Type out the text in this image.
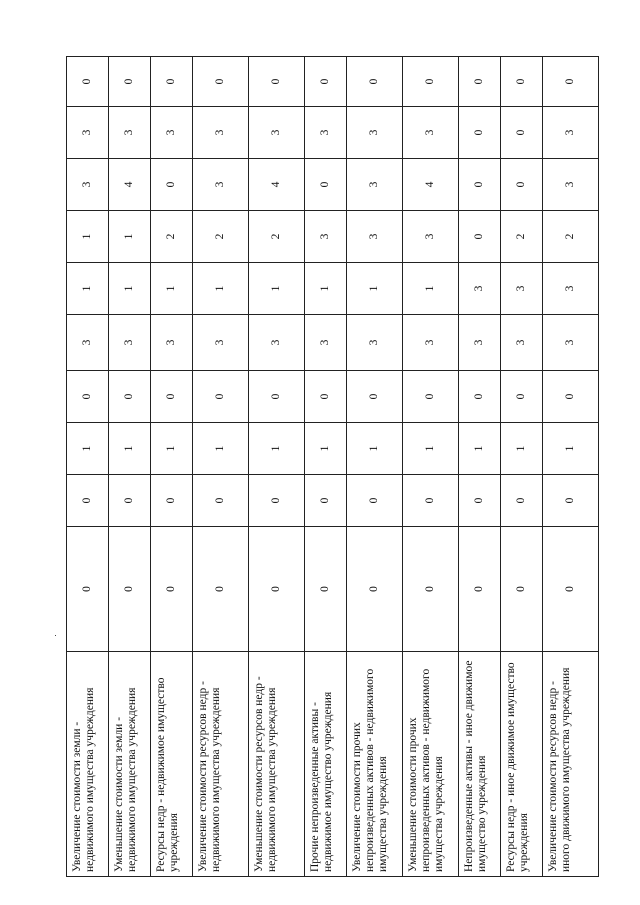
Увеличение стоимости земли - недвижимого имущества учреждения	0	0	1	0	3	1	1	3	3	0
Уменьшение стоимости земли - недвижимого имущества учреждения	0	0	1	0	3	1	1	4	3	0
Ресурсы недр - недвижимое имущество учреждения	0	0	1	0	3	1	2	0	3	0
Увеличение стоимости ресурсов недр - недвижимого имущества учреждения	0	0	1	0	3	1	2	3	3	0
Уменьшение стоимости ресурсов недр - недвижимого имущества учреждения	0	0	1	0	3	1	2	4	3	0
Прочие непроизведенные активы - недвижимое имущество учреждения	0	0	1	0	3	1	3	0	3	0
Увеличение стоимости прочих непроизведенных активов - недвижимого имущества учреждения	0	0	1	0	3	1	3	3	3	0
Уменьшение стоимости прочих непроизведенных активов - недвижимого имущества учреждения	0	0	1	0	3	1	3	4	3	0
Непроизведенные активы - иное движимое имущество учреждения	0	0	1	0	3	3	0	0	0	0
Ресурсы недр - иное движимое имущество учреждения	0	0	1	0	3	3	2	0	0	0
Увеличение стоимости ресурсов недр - иного движимого имущества учреждения	0	0	1	0	3	3	2	3	3	0
